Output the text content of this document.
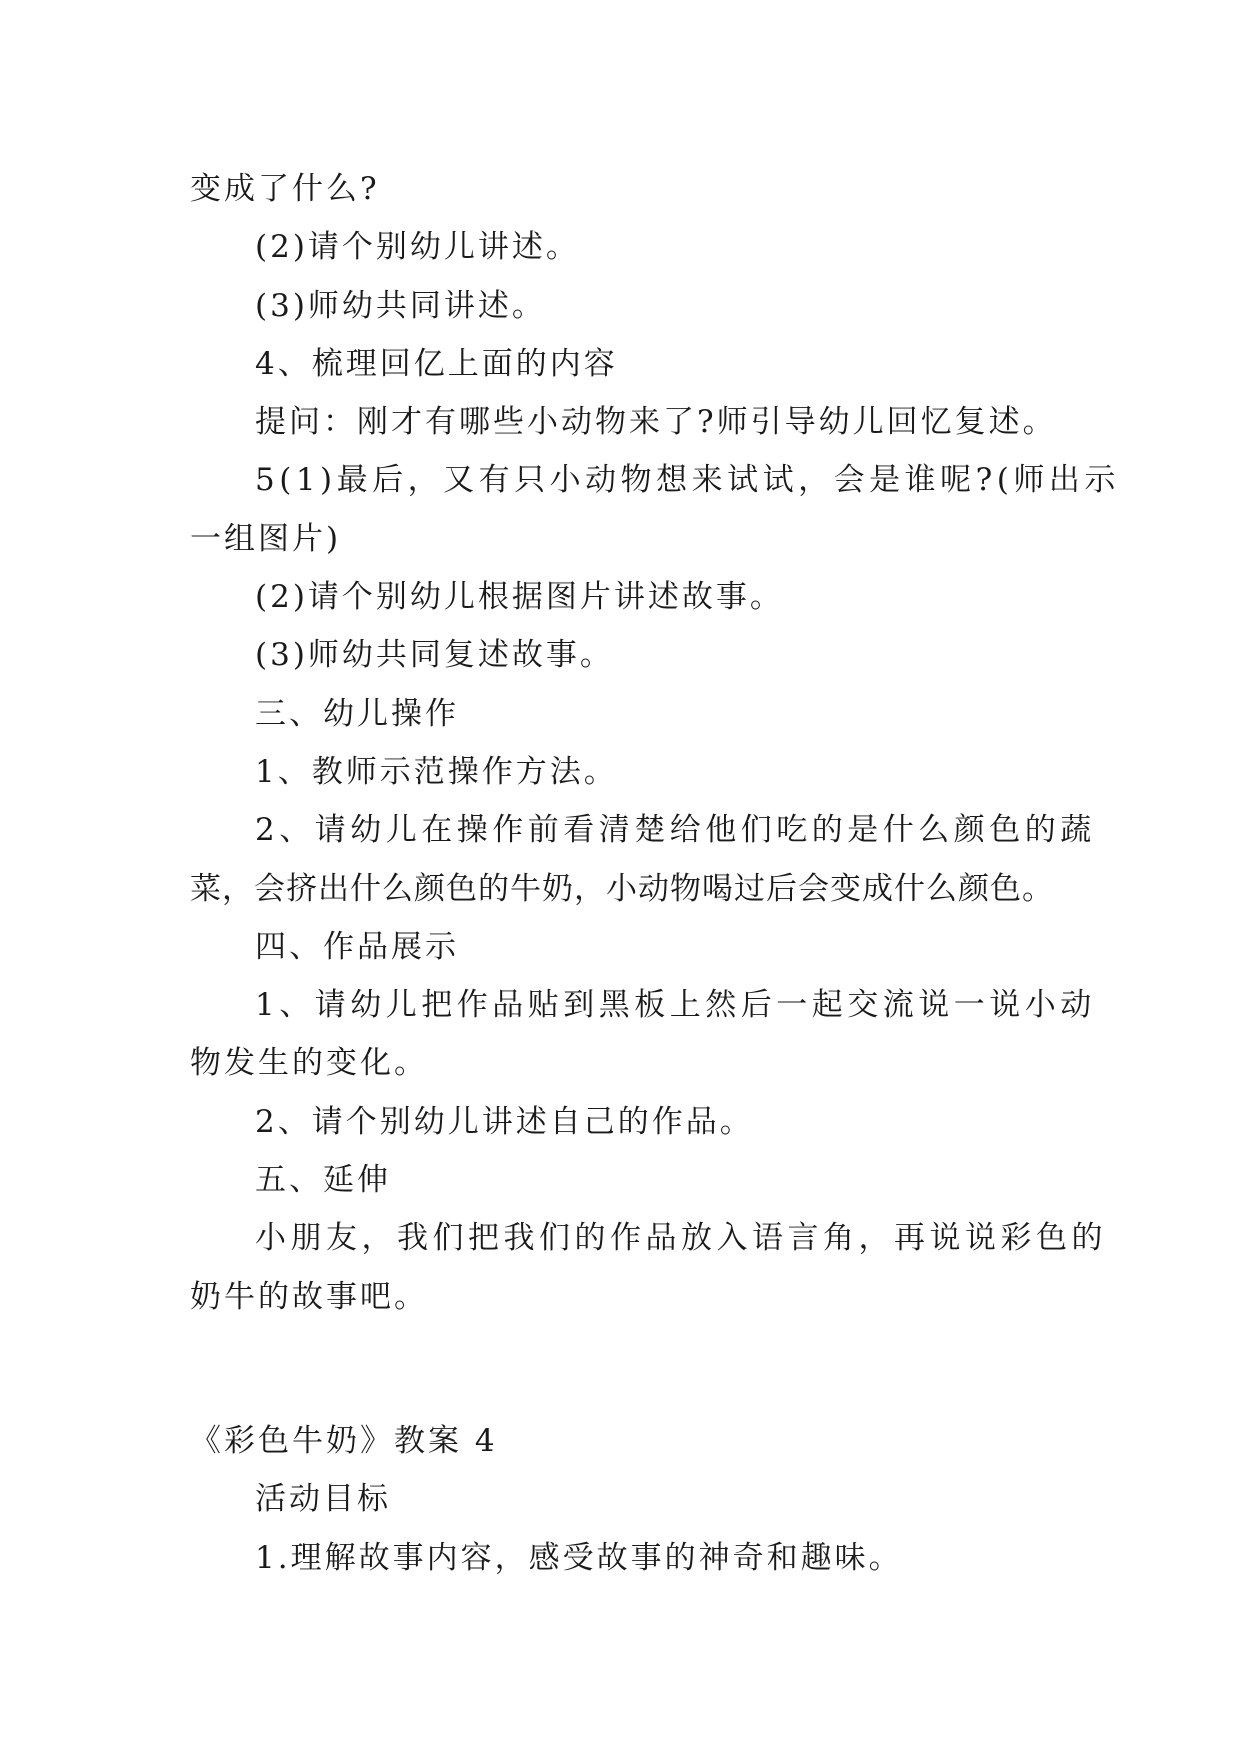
变成了什么?
(2)请个别幼儿讲述。
(3)师幼共同讲述。
4、梳理回亿上面的内容
提问：刚才有哪些小动物来了?师引导幼儿回忆复述。
5(1)最后，又有只小动物想来试试，会是谁呢?(师出示
一组图片)
(2)请个别幼儿根据图片讲述故事。
(3)师幼共同复述故事。
三、幼儿操作
1、教师示范操作方法。
2、请幼儿在操作前看清楚给他们吃的是什么颜色的蔬
菜，会挤出什么颜色的牛奶，小动物喝过后会变成什么颜色。
四、作品展示
1、请幼儿把作品贴到黑板上然后一起交流说一说小动
物发生的变化。
2、请个别幼儿讲述自己的作品。
五、延伸
小朋友，我们把我们的作品放入语言角，再说说彩色的
奶牛的故事吧。
《彩色牛奶》教案 4
活动目标
1.理解故事内容，感受故事的神奇和趣味。
